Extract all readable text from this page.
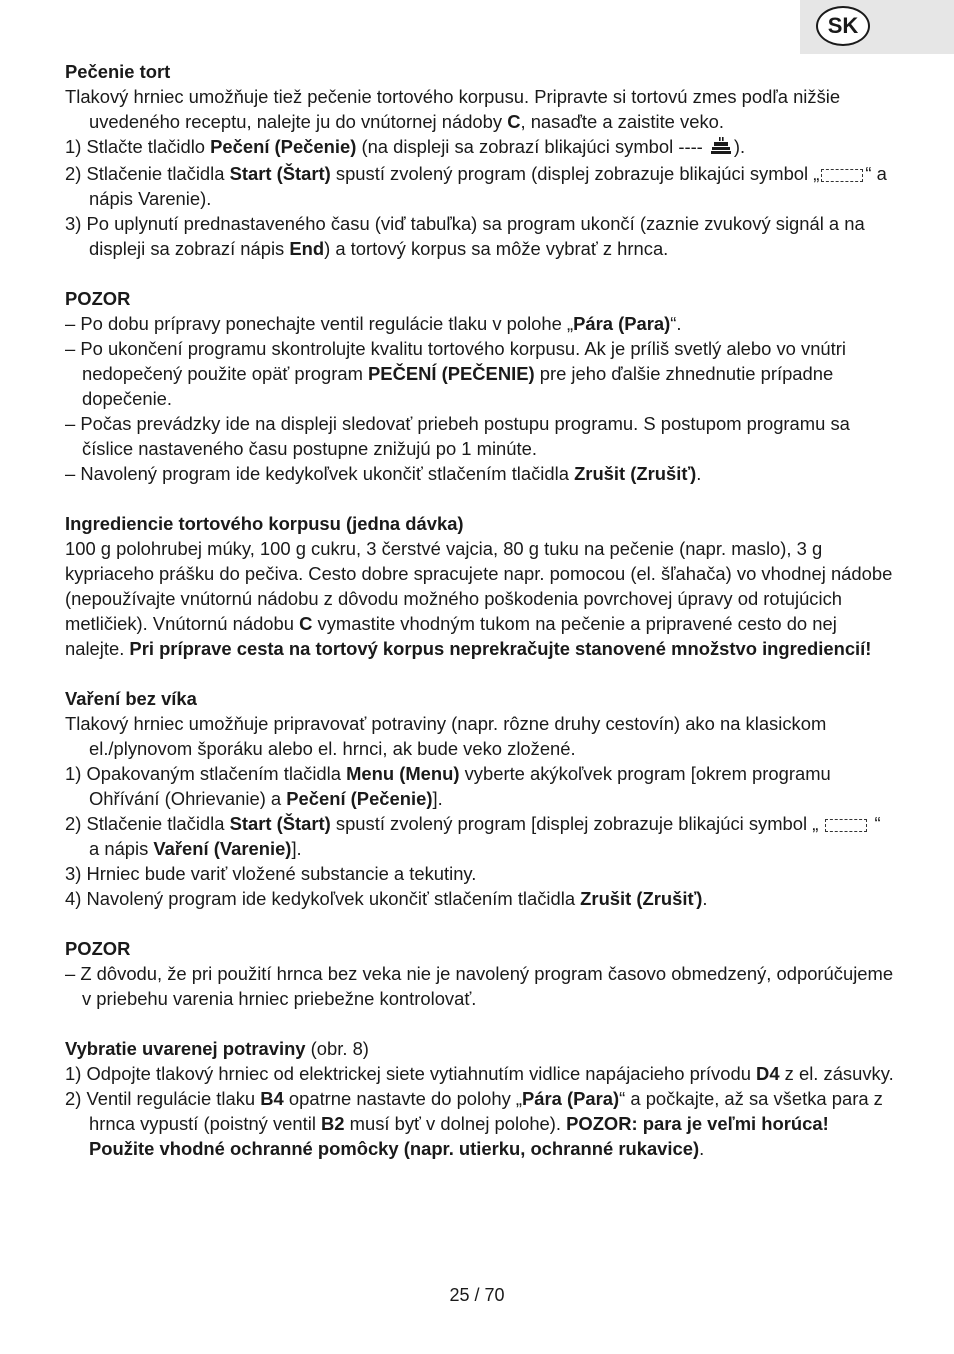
SK

Pečenie tort

Tlakový hrniec umožňuje tiež pečenie tortového korpusu. Pripravte si tortovú zmes podľa nižšie uvedeného receptu, nalejte ju do vnútornej nádoby C, nasaďte a zaistite veko.

1) Stlačte tlačidlo Pečení (Pečenie) (na displeji sa zobrazí blikajúci symbol ---- ).

2) Stlačenie tlačidla Start (Štart) spustí zvolený program (displej zobrazuje blikajúci symbol „	“ a nápis Varenie).

3) Po uplynutí prednastaveného času (viď tabuľka) sa program ukončí (zaznie zvukový signál a na displeji sa zobrazí nápis End) a tortový korpus sa môže vybrať z hrnca.

POZOR

– Po dobu prípravy ponechajte ventil regulácie tlaku v polohe „Pára (Para)“.

– Po ukončení programu skontrolujte kvalitu tortového korpusu. Ak je príliš svetlý alebo vo vnútri nedopečený použite opäť program PEČENÍ (PEČENIE) pre jeho ďalšie zhnednutie prípadne dopečenie.

– Počas prevádzky ide na displeji sledovať priebeh postupu programu. S postupom programu sa číslice nastaveného času postupne znižujú po 1 minúte.

– Navolený program ide kedykoľvek ukončiť stlačením tlačidla Zrušit (Zrušiť).

Ingrediencie tortového korpusu (jedna dávka)

100 g polohrubej múky, 100 g cukru, 3 čerstvé vajcia, 80 g tuku na pečenie (napr. maslo), 3 g kypriaceho prášku do pečiva. Cesto dobre spracujete napr. pomocou (el. šľahača) vo vhodnej nádobe (nepoužívajte vnútornú nádobu z dôvodu možného poškodenia povrchovej úpravy od rotujúcich metličiek). Vnútornú nádobu C vymastite vhodným tukom na pečenie a pripravené cesto do nej nalejte. Pri príprave cesta na tortový korpus neprekračujte stanovené množstvo ingrediencií!

Vaření bez víka

Tlakový hrniec umožňuje pripravovať potraviny (napr. rôzne druhy cestovín) ako na klasickom el./plynovom šporáku alebo el. hrnci, ak bude veko zložené.

1) Opakovaným stlačením tlačidla Menu (Menu) vyberte akýkoľvek program [okrem programu Ohřívání (Ohrievanie) a Pečení (Pečenie)].

2) Stlačenie tlačidla Start (Štart) spustí zvolený program [displej zobrazuje blikajúci symbol „	“ a nápis Vaření (Varenie)].

3) Hrniec bude variť vložené substancie a tekutiny.

4) Navolený program ide kedykoľvek ukončiť stlačením tlačidla Zrušit (Zrušiť).

POZOR

– Z dôvodu, že pri použití hrnca bez veka nie je navolený program časovo obmedzený, odporúčujeme v priebehu varenia hrniec priebežne kontrolovať.

Vybratie uvarenej potraviny (obr. 8)

1) Odpojte tlakový hrniec od elektrickej siete vytiahnutím vidlice napájacieho prívodu D4 z el. zásuvky.

2) Ventil regulácie tlaku B4 opatrne nastavte do polohy „Pára (Para)“ a počkajte, až sa všetka para z hrnca vypustí (poistný ventil B2 musí byť v dolnej polohe). POZOR: para je veľmi horúca! Použite vhodné ochranné pomôcky (napr. utierku, ochranné rukavice).

25 / 70
